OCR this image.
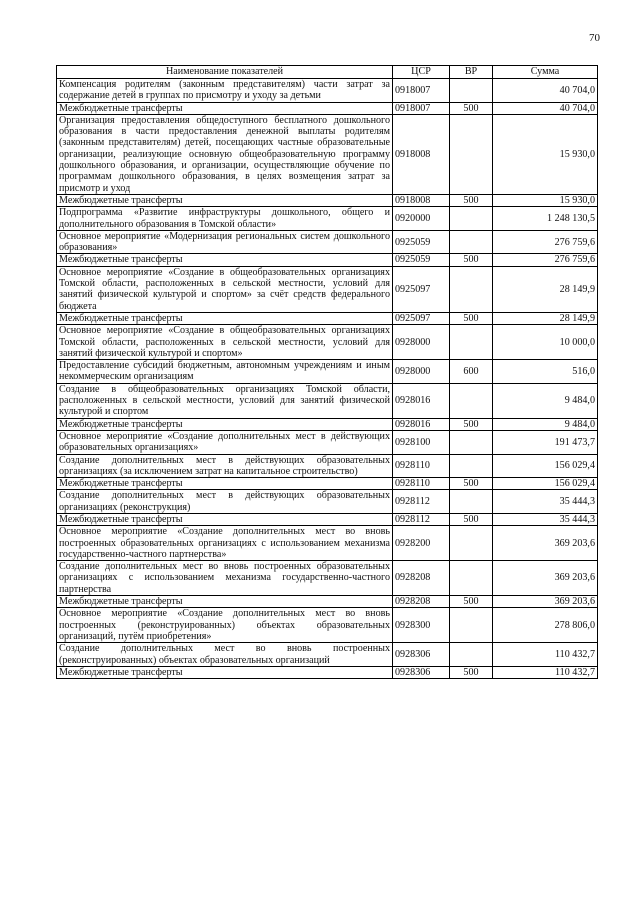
70
Наименование показателей	ЦСР	ВР	Сумма
Компенсация родителям (законным представителям) части затрат за содержание детей в группах по присмотру и уходу за детьми	0918007		40 704,0
Межбюджетные трансферты	0918007	500	40 704,0
Организация предоставления общедоступного бесплатного дошкольного образования в части предоставления денежной выплаты родителям (законным представителям) детей, посещающих частные образовательные организации, реализующие основную общеобразовательную программу дошкольного образования, и организации, осуществляющие обучение по программам дошкольного образования, в целях возмещения затрат за присмотр и уход	0918008		15 930,0
Межбюджетные трансферты	0918008	500	15 930,0
Подпрограмма «Развитие инфраструктуры дошкольного, общего и дополнительного образования в Томской области»	0920000		1 248 130,5
Основное мероприятие «Модернизация региональных систем дошкольного образования»	0925059		276 759,6
Межбюджетные трансферты	0925059	500	276 759,6
Основное мероприятие «Создание в общеобразовательных организациях Томской области, расположенных в сельской местности, условий для занятий физической культурой и спортом» за счёт средств федерального бюджета	0925097		28 149,9
Межбюджетные трансферты	0925097	500	28 149,9
Основное мероприятие «Создание в общеобразовательных организациях Томской области, расположенных в сельской местности, условий для занятий физической культурой и спортом»	0928000		10 000,0
Предоставление субсидий бюджетным, автономным учреждениям и иным некоммерческим организациям	0928000	600	516,0
Создание в общеобразовательных организациях Томской области, расположенных в сельской местности, условий для занятий физической культурой и спортом	0928016		9 484,0
Межбюджетные трансферты	0928016	500	9 484,0
Основное мероприятие «Создание дополнительных мест в действующих образовательных организациях»	0928100		191 473,7
Создание дополнительных мест в действующих образовательных организациях (за исключением затрат на капитальное строительство)	0928110		156 029,4
Межбюджетные трансферты	0928110	500	156 029,4
Создание дополнительных мест в действующих образовательных организациях (реконструкция)	0928112		35 444,3
Межбюджетные трансферты	0928112	500	35 444,3
Основное мероприятие «Создание дополнительных мест во вновь построенных образовательных организациях с использованием механизма государственно-частного партнерства»	0928200		369 203,6
Создание дополнительных мест во вновь построенных образовательных организациях с использованием механизма государственно-частного партнерства	0928208		369 203,6
Межбюджетные трансферты	0928208	500	369 203,6
Основное мероприятие «Создание дополнительных мест во вновь построенных (реконструированных) объектах образовательных организаций, путём приобретения»	0928300		278 806,0
Создание дополнительных мест во вновь построенных (реконструированных) объектах образовательных организаций	0928306		110 432,7
Межбюджетные трансферты	0928306	500	110 432,7
